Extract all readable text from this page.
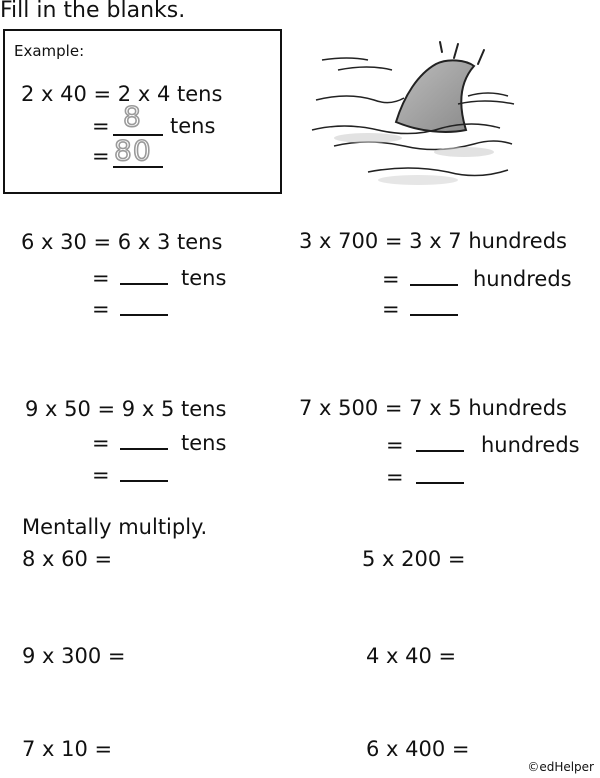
Fill in the blanks.
Example:
2 x 40 = 2 x 4 tens
= 8 tens
= 80
6 x 30 = 6 x 3 tens
=	tens
=
3 x 700 = 3 x 7 hundreds
=	hundreds
=
9 x 50 = 9 x 5 tens
=	tens
=
7 x 500 = 7 x 5 hundreds
=	hundreds
=
Mentally multiply.
8 x 60 =	5 x 200 =
9 x 300 =	4 x 40 =
7 x 10 =	6 x 400 =
©edHelper
